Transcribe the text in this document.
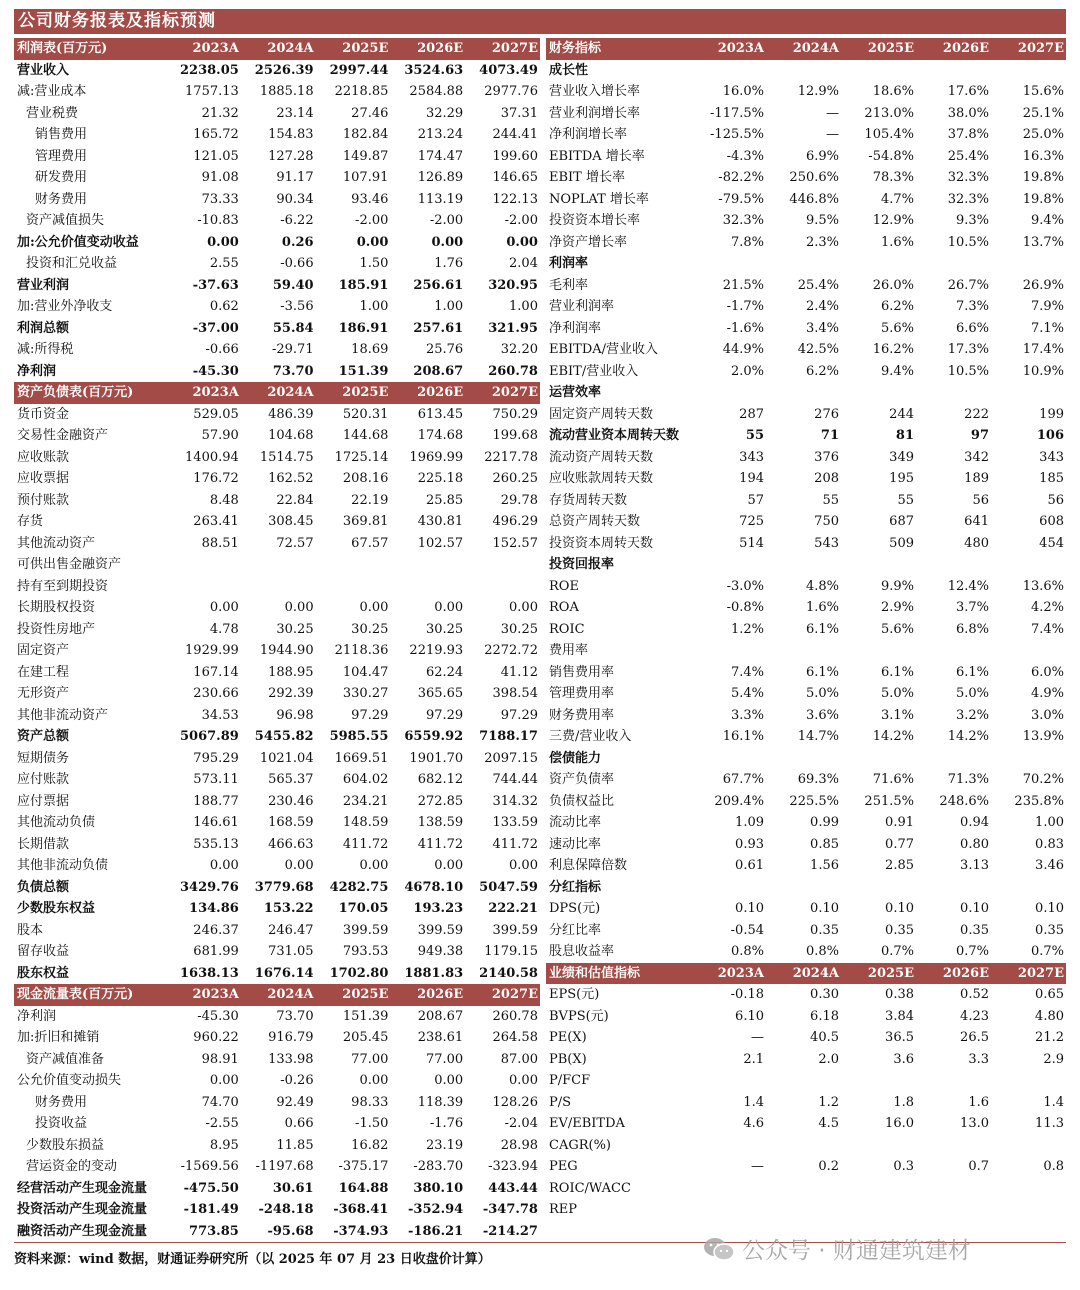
公司财务报表及指标预测
利润表(百万元)	2023A	2024A	2025E	2026E	2027E
营业收入	2238.05	2526.39	2997.44	3524.63	4073.49
减:营业成本	1757.13	1885.18	2218.85	2584.88	2977.76
营业税费	21.32	23.14	27.46	32.29	37.31
销售费用	165.72	154.83	182.84	213.24	244.41
管理费用	121.05	127.28	149.87	174.47	199.60
研发费用	91.08	91.17	107.91	126.89	146.65
财务费用	73.33	90.34	93.46	113.19	122.13
资产减值损失	-10.83	-6.22	-2.00	-2.00	-2.00
加:公允价值变动收益	0.00	0.26	0.00	0.00	0.00
投资和汇兑收益	2.55	-0.66	1.50	1.76	2.04
营业利润	-37.63	59.40	185.91	256.61	320.95
加:营业外净收支	0.62	-3.56	1.00	1.00	1.00
利润总额	-37.00	55.84	186.91	257.61	321.95
减:所得税	-0.66	-29.71	18.69	25.76	32.20
净利润	-45.30	73.70	151.39	208.67	260.78
资产负债表(百万元)	2023A	2024A	2025E	2026E	2027E
货币资金	529.05	486.39	520.31	613.45	750.29
交易性金融资产	57.90	104.68	144.68	174.68	199.68
应收账款	1400.94	1514.75	1725.14	1969.99	2217.78
应收票据	176.72	162.52	208.16	225.18	260.25
预付账款	8.48	22.84	22.19	25.85	29.78
存货	263.41	308.45	369.81	430.81	496.29
其他流动资产	88.51	72.57	67.57	102.57	152.57
可供出售金融资产
持有至到期投资
长期股权投资	0.00	0.00	0.00	0.00	0.00
投资性房地产	4.78	30.25	30.25	30.25	30.25
固定资产	1929.99	1944.90	2118.36	2219.93	2272.72
在建工程	167.14	188.95	104.47	62.24	41.12
无形资产	230.66	292.39	330.27	365.65	398.54
其他非流动资产	34.53	96.98	97.29	97.29	97.29
资产总额	5067.89	5455.82	5985.55	6559.92	7188.17
短期债务	795.29	1021.04	1669.51	1901.70	2097.15
应付账款	573.11	565.37	604.02	682.12	744.44
应付票据	188.77	230.46	234.21	272.85	314.32
其他流动负债	146.61	168.59	148.59	138.59	133.59
长期借款	535.13	466.63	411.72	411.72	411.72
其他非流动负债	0.00	0.00	0.00	0.00	0.00
负债总额	3429.76	3779.68	4282.75	4678.10	5047.59
少数股东权益	134.86	153.22	170.05	193.23	222.21
股本	246.37	246.47	399.59	399.59	399.59
留存收益	681.99	731.05	793.53	949.38	1179.15
股东权益	1638.13	1676.14	1702.80	1881.83	2140.58
现金流量表(百万元)	2023A	2024A	2025E	2026E	2027E
净利润	-45.30	73.70	151.39	208.67	260.78
加:折旧和摊销	960.22	916.79	205.45	238.61	264.58
资产减值准备	98.91	133.98	77.00	77.00	87.00
公允价值变动损失	0.00	-0.26	0.00	0.00	0.00
财务费用	74.70	92.49	98.33	118.39	128.26
投资收益	-2.55	0.66	-1.50	-1.76	-2.04
少数股东损益	8.95	11.85	16.82	23.19	28.98
营运资金的变动	-1569.56	-1197.68	-375.17	-283.70	-323.94
经营活动产生现金流量	-475.50	30.61	164.88	380.10	443.44
投资活动产生现金流量	-181.49	-248.18	-368.41	-352.94	-347.78
融资活动产生现金流量	773.85	-95.68	-374.93	-186.21	-214.27
财务指标	2023A	2024A	2025E	2026E	2027E
成长性
营业收入增长率	16.0%	12.9%	18.6%	17.6%	15.6%
营业利润增长率	-117.5%	—	213.0%	38.0%	25.1%
净利润增长率	-125.5%	—	105.4%	37.8%	25.0%
EBITDA 增长率	-4.3%	6.9%	-54.8%	25.4%	16.3%
EBIT 增长率	-82.2%	250.6%	78.3%	32.3%	19.8%
NOPLAT 增长率	-79.5%	446.8%	4.7%	32.3%	19.8%
投资资本增长率	32.3%	9.5%	12.9%	9.3%	9.4%
净资产增长率	7.8%	2.3%	1.6%	10.5%	13.7%
利润率
毛利率	21.5%	25.4%	26.0%	26.7%	26.9%
营业利润率	-1.7%	2.4%	6.2%	7.3%	7.9%
净利润率	-1.6%	3.4%	5.6%	6.6%	7.1%
EBITDA/营业收入	44.9%	42.5%	16.2%	17.3%	17.4%
EBIT/营业收入	2.0%	6.2%	9.4%	10.5%	10.9%
运营效率
固定资产周转天数	287	276	244	222	199
流动营业资本周转天数	55	71	81	97	106
流动资产周转天数	343	376	349	342	343
应收账款周转天数	194	208	195	189	185
存货周转天数	57	55	55	56	56
总资产周转天数	725	750	687	641	608
投资资本周转天数	514	543	509	480	454
投资回报率
ROE	-3.0%	4.8%	9.9%	12.4%	13.6%
ROA	-0.8%	1.6%	2.9%	3.7%	4.2%
ROIC	1.2%	6.1%	5.6%	6.8%	7.4%
费用率
销售费用率	7.4%	6.1%	6.1%	6.1%	6.0%
管理费用率	5.4%	5.0%	5.0%	5.0%	4.9%
财务费用率	3.3%	3.6%	3.1%	3.2%	3.0%
三费/营业收入	16.1%	14.7%	14.2%	14.2%	13.9%
偿债能力
资产负债率	67.7%	69.3%	71.6%	71.3%	70.2%
负债权益比	209.4%	225.5%	251.5%	248.6%	235.8%
流动比率	1.09	0.99	0.91	0.94	1.00
速动比率	0.93	0.85	0.77	0.80	0.83
利息保障倍数	0.61	1.56	2.85	3.13	3.46
分红指标
DPS(元)	0.10	0.10	0.10	0.10	0.10
分红比率	-0.54	0.35	0.35	0.35	0.35
股息收益率	0.8%	0.8%	0.7%	0.7%	0.7%
业绩和估值指标	2023A	2024A	2025E	2026E	2027E
EPS(元)	-0.18	0.30	0.38	0.52	0.65
BVPS(元)	6.10	6.18	3.84	4.23	4.80
PE(X)	—	40.5	36.5	26.5	21.2
PB(X)	2.1	2.0	3.6	3.3	2.9
P/FCF
P/S	1.4	1.2	1.8	1.6	1.4
EV/EBITDA	4.6	4.5	16.0	13.0	11.3
CAGR(%)
PEG	—	0.2	0.3	0.7	0.8
ROIC/WACC
REP
资料来源：wind 数据，财通证券研究所（以 2025 年 07 月 23 日收盘价计算）	公众号 · 财通建筑建材
